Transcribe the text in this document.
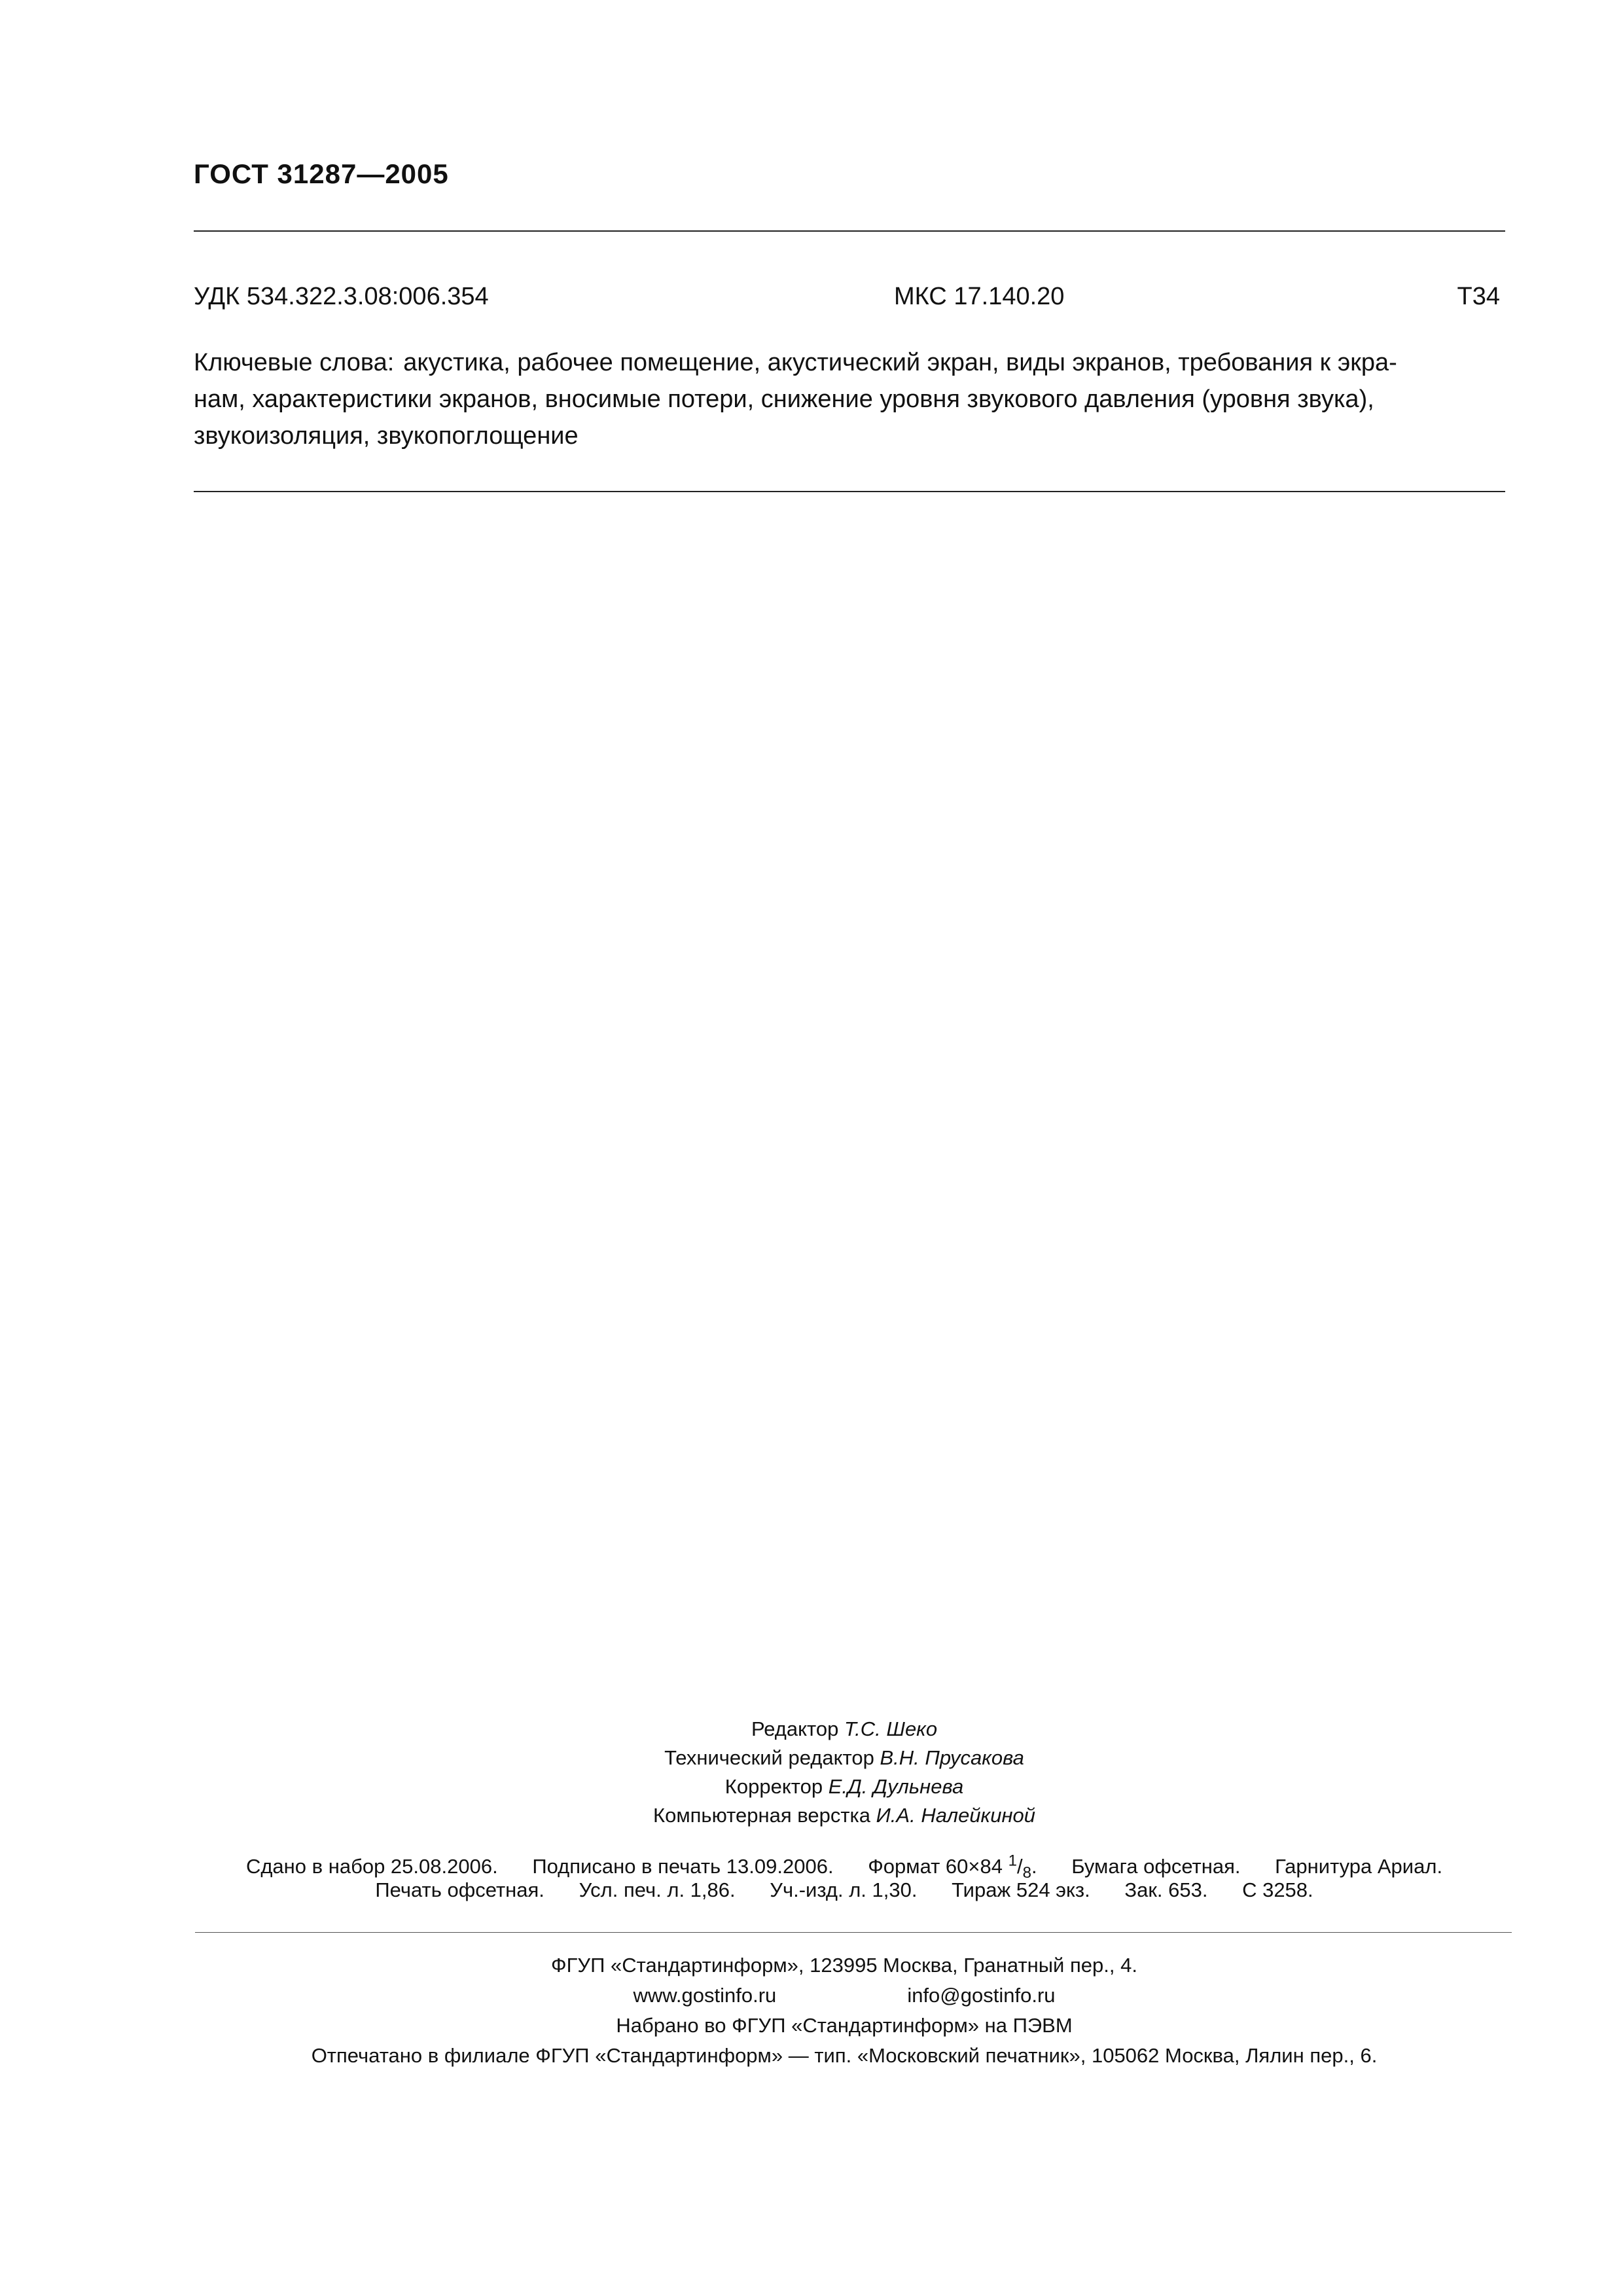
ГОСТ 31287—2005
УДК 534.322.3.08:006.354	МКС 17.140.20	Т34
Ключевые слова: акустика, рабочее помещение, акустический экран, виды экранов, требования к экра-
нам, характеристики экранов, вносимые потери, снижение уровня звукового давления (уровня звука),
звукоизоляция, звукопоглощение
Редактор Т.С. Шеко
Технический редактор В.Н. Прусакова
Корректор Е.Д. Дульнева
Компьютерная верстка И.А. Налейкиной
Сдано в набор 25.08.2006. Подписано в печать 13.09.2006. Формат 60×84 $^1/_8$. Бумага офсетная. Гарнитура Ариал.
Печать офсетная. Усл. печ. л. 1,86. Уч.-изд. л. 1,30. Тираж 524 экз. Зак. 653. С 3258.
ФГУП «Стандартинформ», 123995 Москва, Гранатный пер., 4.
www.gostinfo.ru	info@gostinfo.ru
Набрано во ФГУП «Стандартинформ» на ПЭВМ
Отпечатано в филиале ФГУП «Стандартинформ» — тип. «Московский печатник», 105062 Москва, Лялин пер., 6.
